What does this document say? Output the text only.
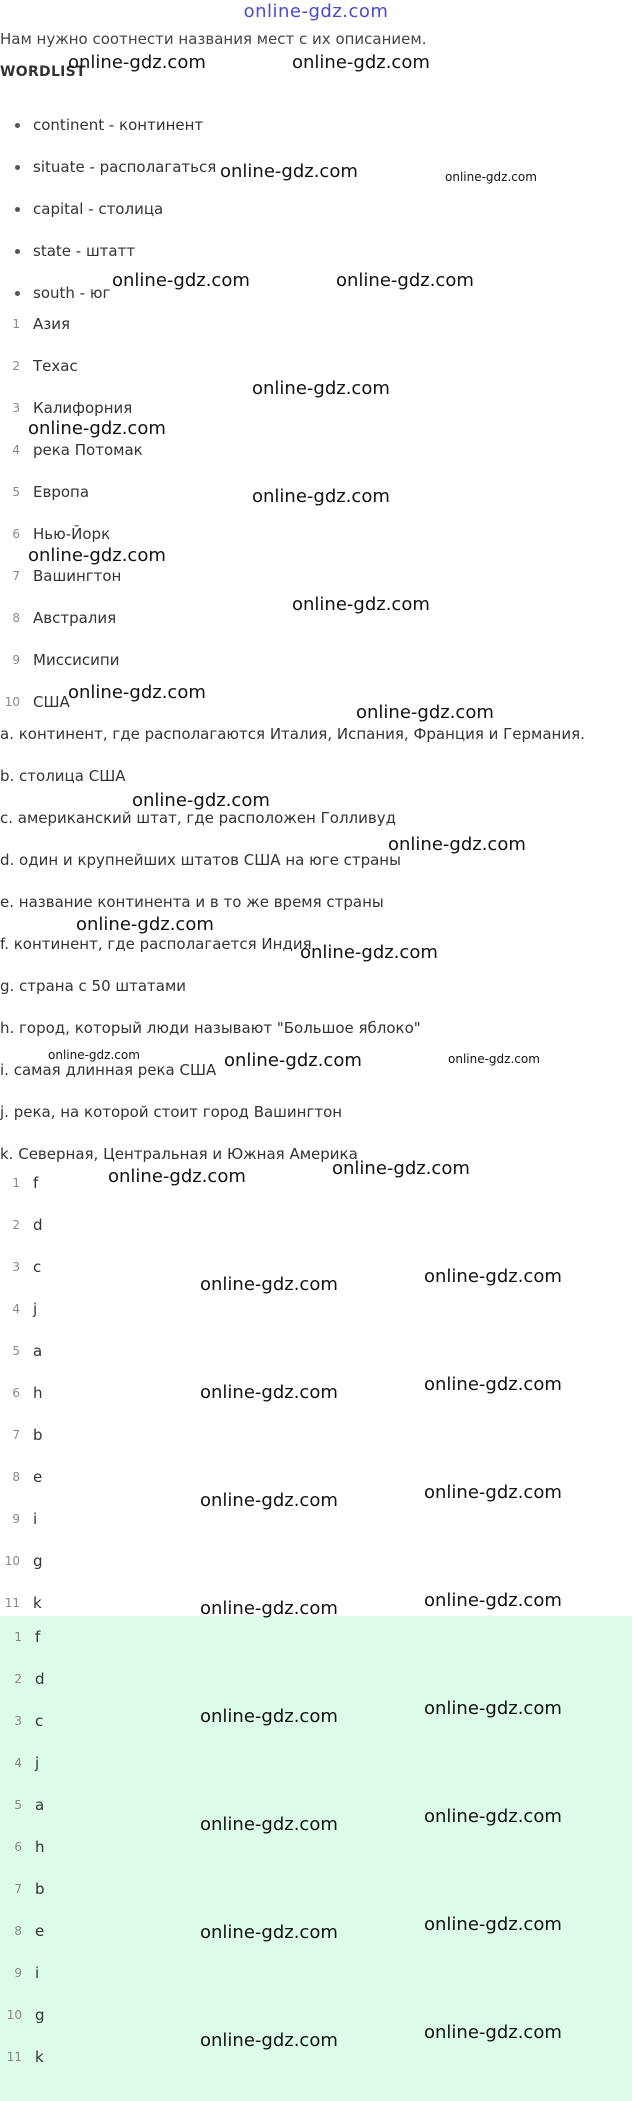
online-gdz.com
Нам нужно соотнести названия мест с их описанием.
WORDLIST
continent - континент
situate - располагаться
capital - столица
state - штатт
south - юг
1 Азия
2 Техас
3 Калифорния
4 река Потомак
5 Европа
6 Нью-Йорк
7 Вашингтон
8 Австралия
9 Миссисипи
10 США
a. континент, где располагаются Италия, Испания, Франция и Германия.
b. столица США
c. американский штат, где расположен Голливуд
d. один и крупнейших штатов США на юге страны
e. название континента и в то же время страны
f. континент, где располагается Индия
g. страна с 50 штатами
h. город, который люди называют "Большое яблоко"
i. самая длинная река США
j. река, на которой стоит город Вашингтон
k. Северная, Центральная и Южная Америка
1 f
2 d
3 c
4 j
5 a
6 h
7 b
8 e
9 i
10 g
11 k
1 f
2 d
3 c
4 j
5 a
6 h
7 b
8 e
9 i
10 g
11 k
online-gdz.com	online-gdz.com
online-gdz.com	online-gdz.com
online-gdz.com	online-gdz.com
online-gdz.com
online-gdz.com
online-gdz.com
online-gdz.com
online-gdz.com
online-gdz.com
online-gdz.com
online-gdz.com
online-gdz.com
online-gdz.com
online-gdz.com
online-gdz.com	online-gdz.com	online-gdz.com
online-gdz.com	online-gdz.com
online-gdz.com	online-gdz.com
online-gdz.com	online-gdz.com
online-gdz.com	online-gdz.com
online-gdz.com	online-gdz.com
online-gdz.com	online-gdz.com
online-gdz.com	online-gdz.com
online-gdz.com	online-gdz.com
online-gdz.com	online-gdz.com
